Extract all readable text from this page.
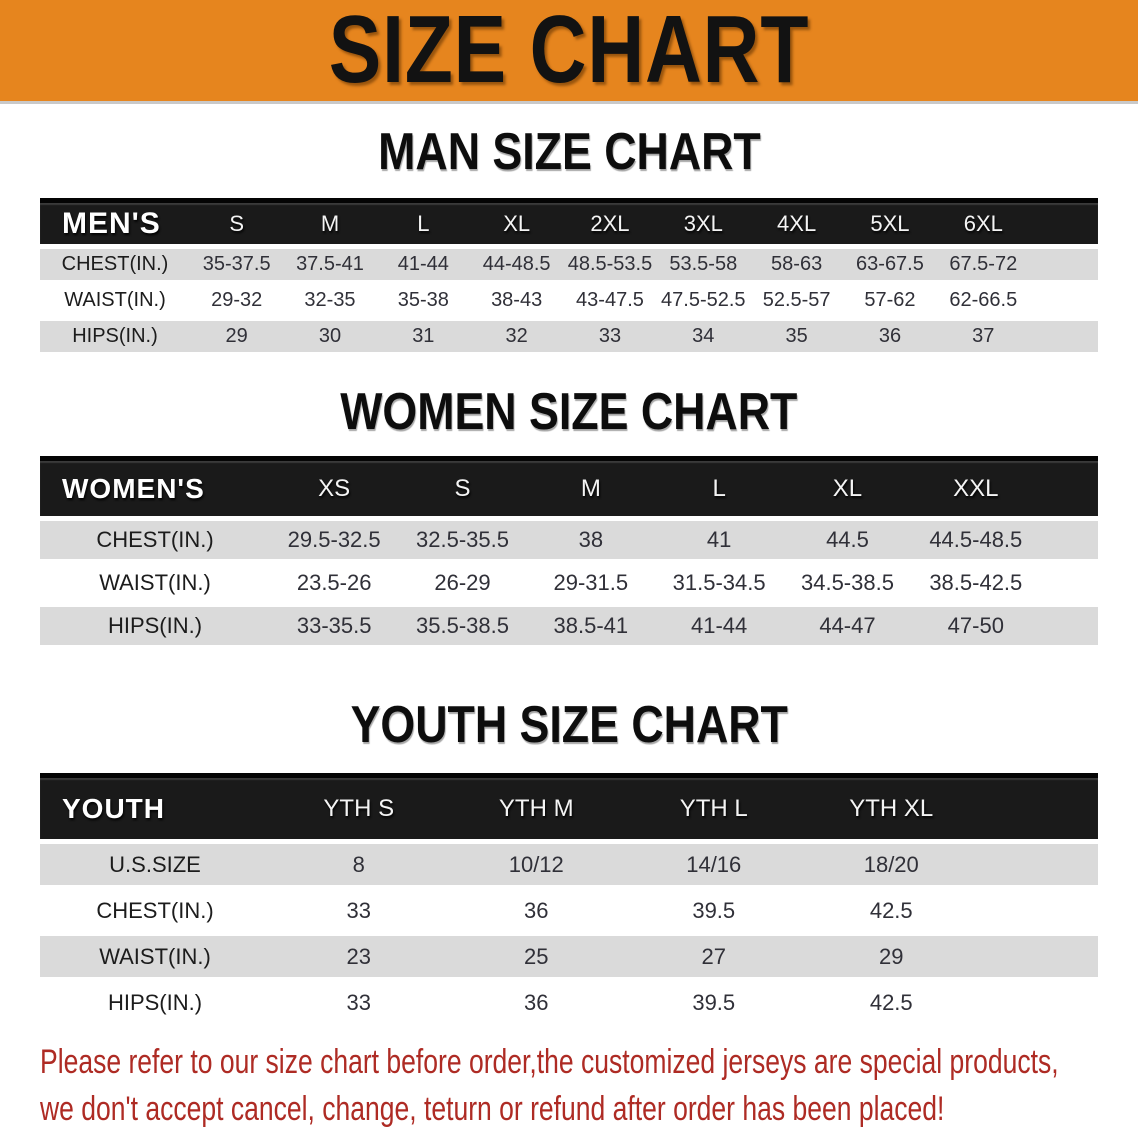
SIZE CHART
MAN SIZE CHART
MEN'S	S	M	L	XL	2XL	3XL	4XL	5XL	6XL
CHEST(IN.)	35-37.5	37.5-41	41-44	44-48.5 48.5-53.5 53.5-58	58-63	63-67.5	67.5-72
WAIST(IN.)	29-32	32-35	35-38	38-43	43-47.5 47.5-52.5 52.5-57	57-62	62-66.5
HIPS(IN.)	29	30	31	32	33	34	35	36	37
WOMEN SIZE CHART
WOMEN'S	XS	S	M	L	XL	XXL
CHEST(IN.)	29.5-32.5	32.5-35.5	38	41	44.5	44.5-48.5
WAIST(IN.)	23.5-26	26-29	29-31.5	31.5-34.5	34.5-38.5	38.5-42.5
HIPS(IN.)	33-35.5	35.5-38.5	38.5-41	41-44	44-47	47-50
YOUTH SIZE CHART
YOUTH	YTH S	YTH M	YTH L	YTH XL
U.S.SIZE	8	10/12	14/16	18/20
CHEST(IN.)	33	36	39.5	42.5
WAIST(IN.)	23	25	27	29
HIPS(IN.)	33	36	39.5	42.5

Please refer to our size chart before order,the customized jerseys are special products,

we don't accept cancel, change, teturn or refund after order has been placed!
